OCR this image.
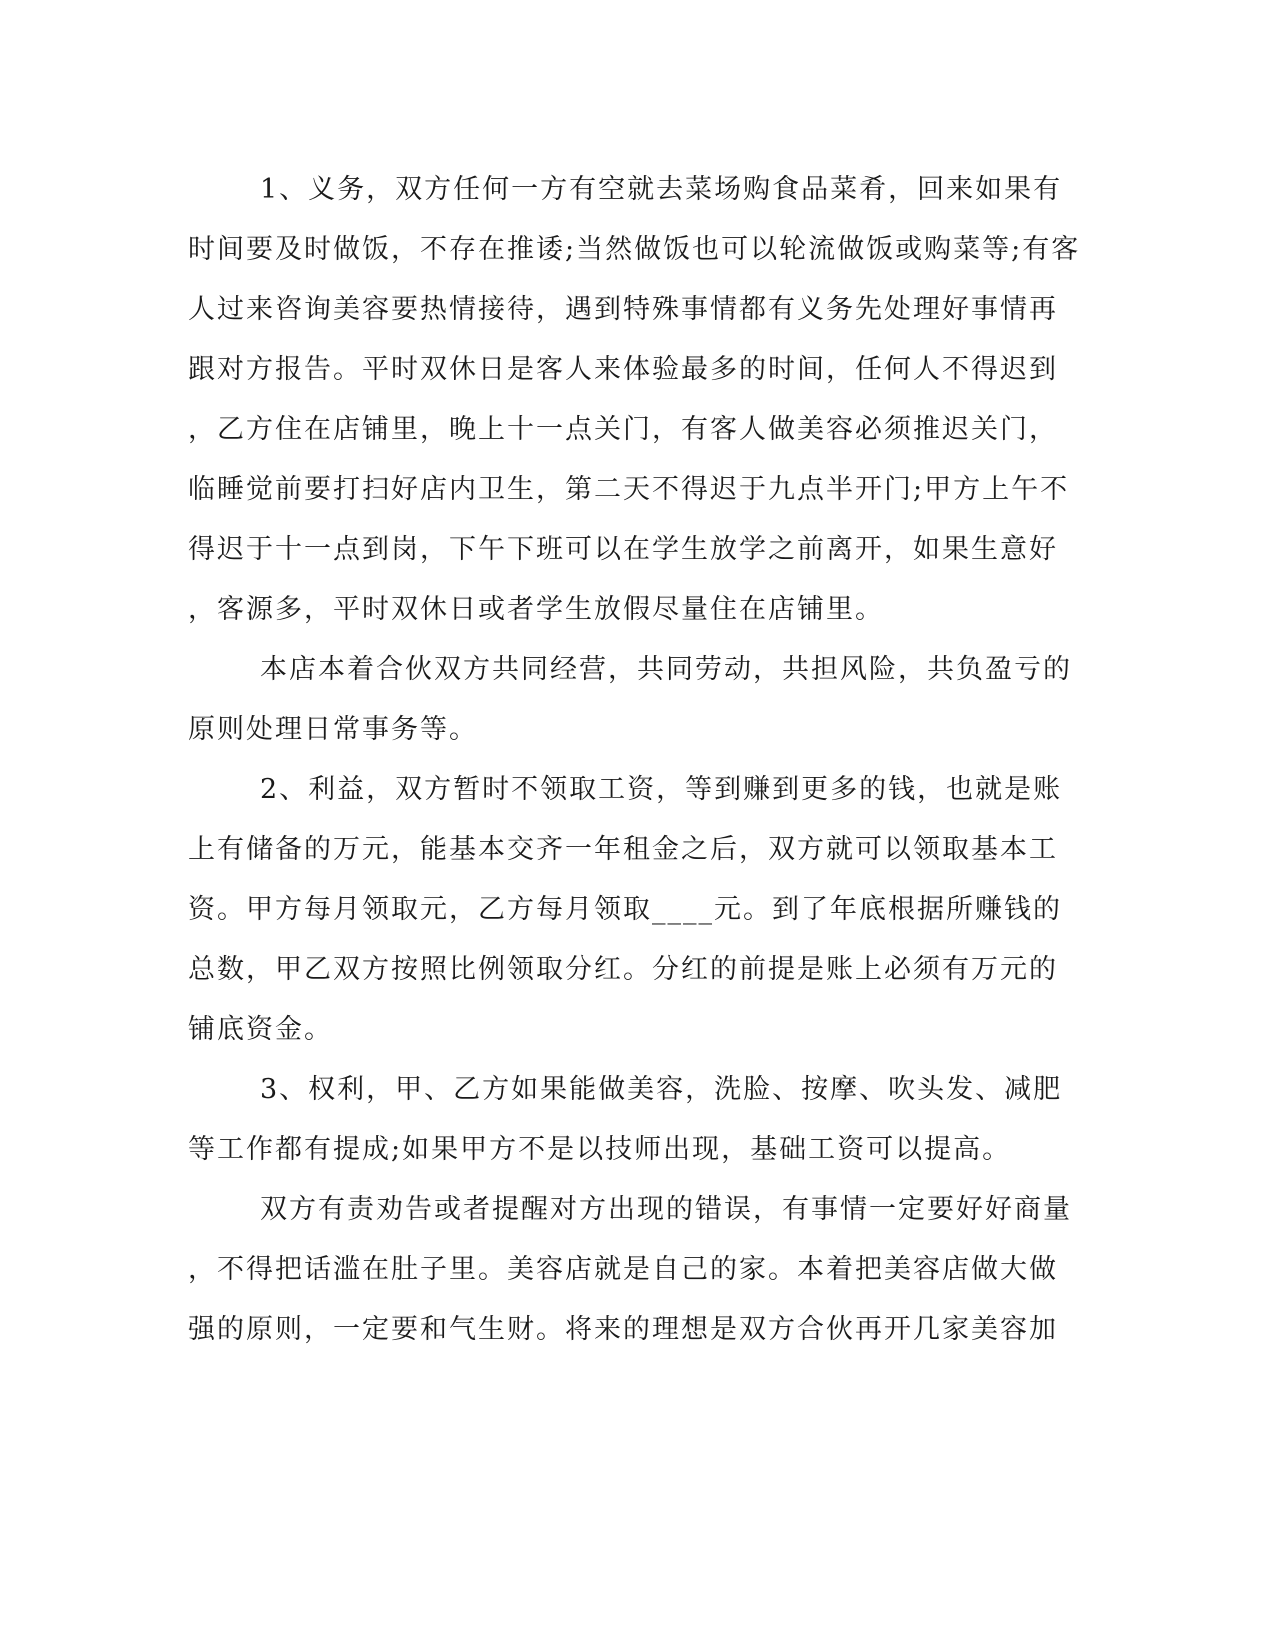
1、义务，双方任何一方有空就去菜场购食品菜肴，回来如果有
时间要及时做饭，不存在推诿;当然做饭也可以轮流做饭或购菜等;有客
人过来咨询美容要热情接待，遇到特殊事情都有义务先处理好事情再
跟对方报告。平时双休日是客人来体验最多的时间，任何人不得迟到
，乙方住在店铺里，晚上十一点关门，有客人做美容必须推迟关门，
临睡觉前要打扫好店内卫生，第二天不得迟于九点半开门;甲方上午不
得迟于十一点到岗，下午下班可以在学生放学之前离开，如果生意好
，客源多，平时双休日或者学生放假尽量住在店铺里。
本店本着合伙双方共同经营，共同劳动，共担风险，共负盈亏的
原则处理日常事务等。
2、利益，双方暂时不领取工资，等到赚到更多的钱，也就是账
上有储备的万元，能基本交齐一年租金之后，双方就可以领取基本工
资。甲方每月领取元，乙方每月领取____元。到了年底根据所赚钱的
总数，甲乙双方按照比例领取分红。分红的前提是账上必须有万元的
铺底资金。
3、权利，甲、乙方如果能做美容，洗脸、按摩、吹头发、减肥
等工作都有提成;如果甲方不是以技师出现，基础工资可以提高。
双方有责劝告或者提醒对方出现的错误，有事情一定要好好商量
，不得把话滥在肚子里。美容店就是自己的家。本着把美容店做大做
强的原则，一定要和气生财。将来的理想是双方合伙再开几家美容加
